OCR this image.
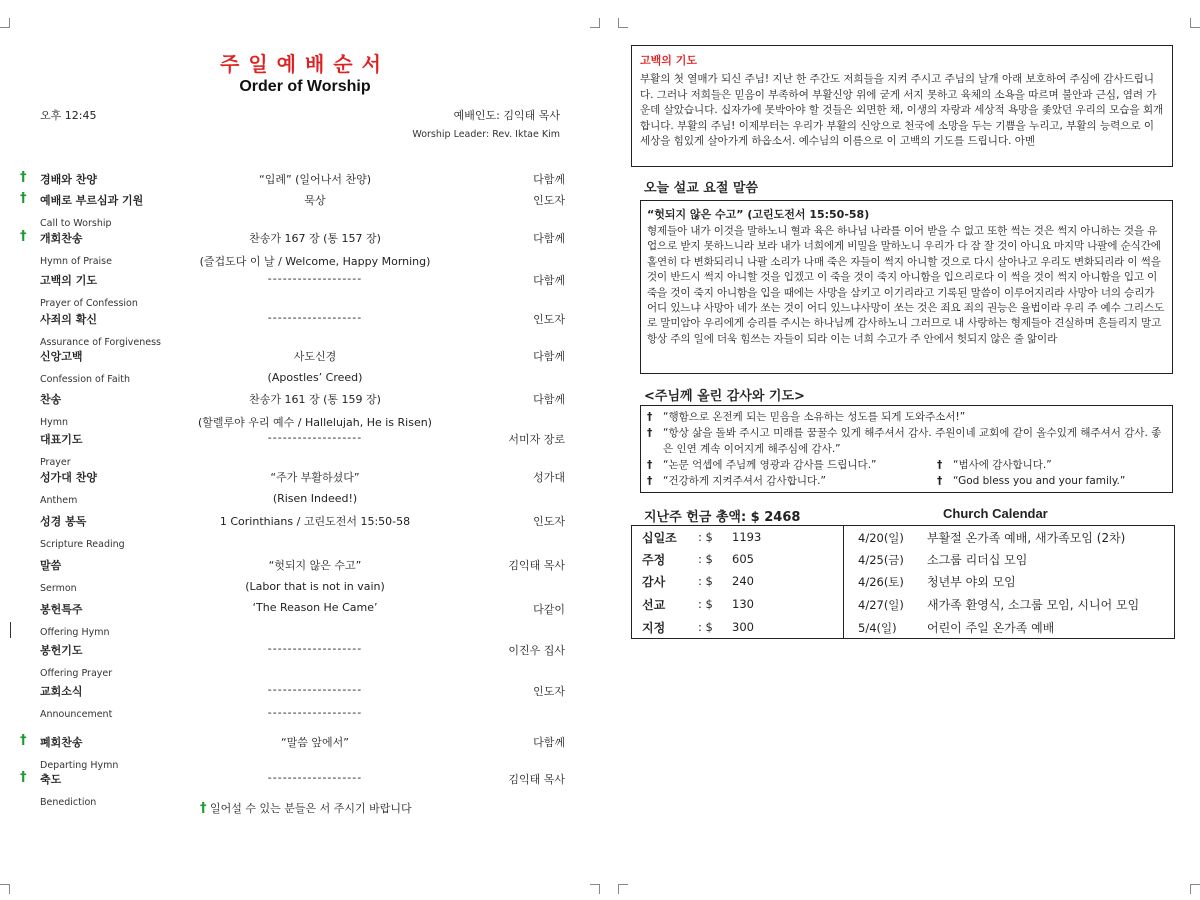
주일예배순서
Order of Worship
오후 12:45	예배인도: 김익태 목사
Worship Leader: Rev. Iktae Kim
† 경배와 찬양	“입례” (일어나서 찬양)	다함께
† 예배로 부르심과 기원	묵상	인도자
Call to Worship
† 개회찬송	찬송가 167 장 (통 157 장)	다함께
Hymn of Praise	(즐겁도다 이 날 / Welcome, Happy Morning)
고백의 기도	-------------------	다함께
Prayer of Confession
사죄의 확신	-------------------	인도자
Assurance of Forgiveness
신앙고백	사도신경	다함께
Confession of Faith	(Apostles’ Creed)
찬송	찬송가 161 장 (통 159 장)	다함께
Hymn	(할렐루야 우리 예수 / Hallelujah, He is Risen)
대표기도	-------------------	서미자 장로
Prayer
성가대 찬양	“주가 부활하셨다”	성가대
Anthem	(Risen Indeed!)
성경 봉독	1 Corinthians / 고린도전서 15:50-58	인도자
Scripture Reading
말씀	“헛되지 않은 수고”	김익태 목사
Sermon	(Labor that is not in vain)
봉헌특주	‘The Reason He Came’	다같이
Offering Hymn
봉헌기도	-------------------	이진우 집사
Offering Prayer
교회소식	-------------------	인도자
Announcement	-------------------
† 폐회찬송	“말씀 앞에서”	다함께
Departing Hymn
† 축도	-------------------	김익태 목사
Benediction	† 일어설 수 있는 분들은 서 주시기 바랍니다
고백의 기도

부활의 첫 열매가 되신 주님! 지난 한 주간도 저희들을 지켜 주시고 주님의 날개 아래 보호하여 주심에 감사드립니다. 그러나 저희들은 믿음이 부족하여 부활신앙 위에 굳게 서지 못하고 육체의 소욕을 따르며 불안과 근심, 염려 가운데 살았습니다. 십자가에 못박아야 할 것들은 외면한 채, 이생의 자랑과 세상적 욕망을 좇았던 우리의 모습을 회개합니다. 부활의 주님! 이제부터는 우리가 부활의 신앙으로 천국에 소망을 두는 기쁨을 누리고, 부활의 능력으로 이 세상을 힘있게 살아가게 하옵소서. 예수님의 이름으로 이 고백의 기도를 드립니다. 아멘

오늘 설교 요절 말씀
“헛되지 않은 수고” (고린도전서 15:50-58)

형제들아 내가 이것을 말하노니 혈과 육은 하나님 나라를 이어 받을 수 없고 또한 썩는 것은 썩지 아니하는 것을 유업으로 받지 못하느니라 보라 내가 너희에게 비밀을 말하노니 우리가 다 잠 잘 것이 아니요 마지막 나팔에 순식간에 홀연히 다 변화되리니 나팔 소리가 나매 죽은 자들이 썩지 아니할 것으로 다시 살아나고 우리도 변화되리라 이 썩을 것이 반드시 썩지 아니할 것을 입겠고 이 죽을 것이 죽지 아니함을 입으리로다 이 썩을 것이 썩지 아니함을 입고 이 죽을 것이 죽지 아니함을 입을 때에는 사망을 삼키고 이기리라고 기록된 말씀이 이루어지리라 사망아 너의 승리가 어디 있느냐 사망아 네가 쏘는 것이 어디 있느냐사망이 쏘는 것은 죄요 죄의 권능은 율법이라 우리 주 예수 그리스도로 말미암아 우리에게 승리를 주시는 하나님께 감사하노니 그러므로 내 사랑하는 형제들아 견실하며 흔들리지 말고 항상 주의 일에 더욱 힘쓰는 자들이 되라 이는 너희 수고가 주 안에서 헛되지 않은 줄 앎이라

<주님께 올린 감사와 기도>
† “행함으로 온전케 되는 믿음을 소유하는 성도를 되게 도와주소서!”
† “항상 삶을 돌봐 주시고 미래를 꿈꿀수 있게 해주셔서 감사. 주원이네 교회에 같이 올수있게 해주셔서 감사. 좋은 인연 계속 이어지게 해주심에 감사.”
† “논문 억셉에 주님께 영광과 감사를 드립니다.”	† “범사에 감사합니다.”
† “건강하게 지켜주셔서 감사합니다.”	† “God bless you and your family.”
지난주 헌금 총액: $ 2468	Church Calendar
십일조	: $ 1193	4/20(일) 부활절 온가족 예배, 새가족모임 (2차)
주정	: $ 605	4/25(금) 소그룹 리더십 모임
감사	: $ 240	4/26(토) 청년부 야외 모임
선교	: $ 130	4/27(일) 새가족 환영식, 소그룹 모임, 시니어 모임
지정	: $ 300	5/4(일)	어린이 주일 온가족 예배
